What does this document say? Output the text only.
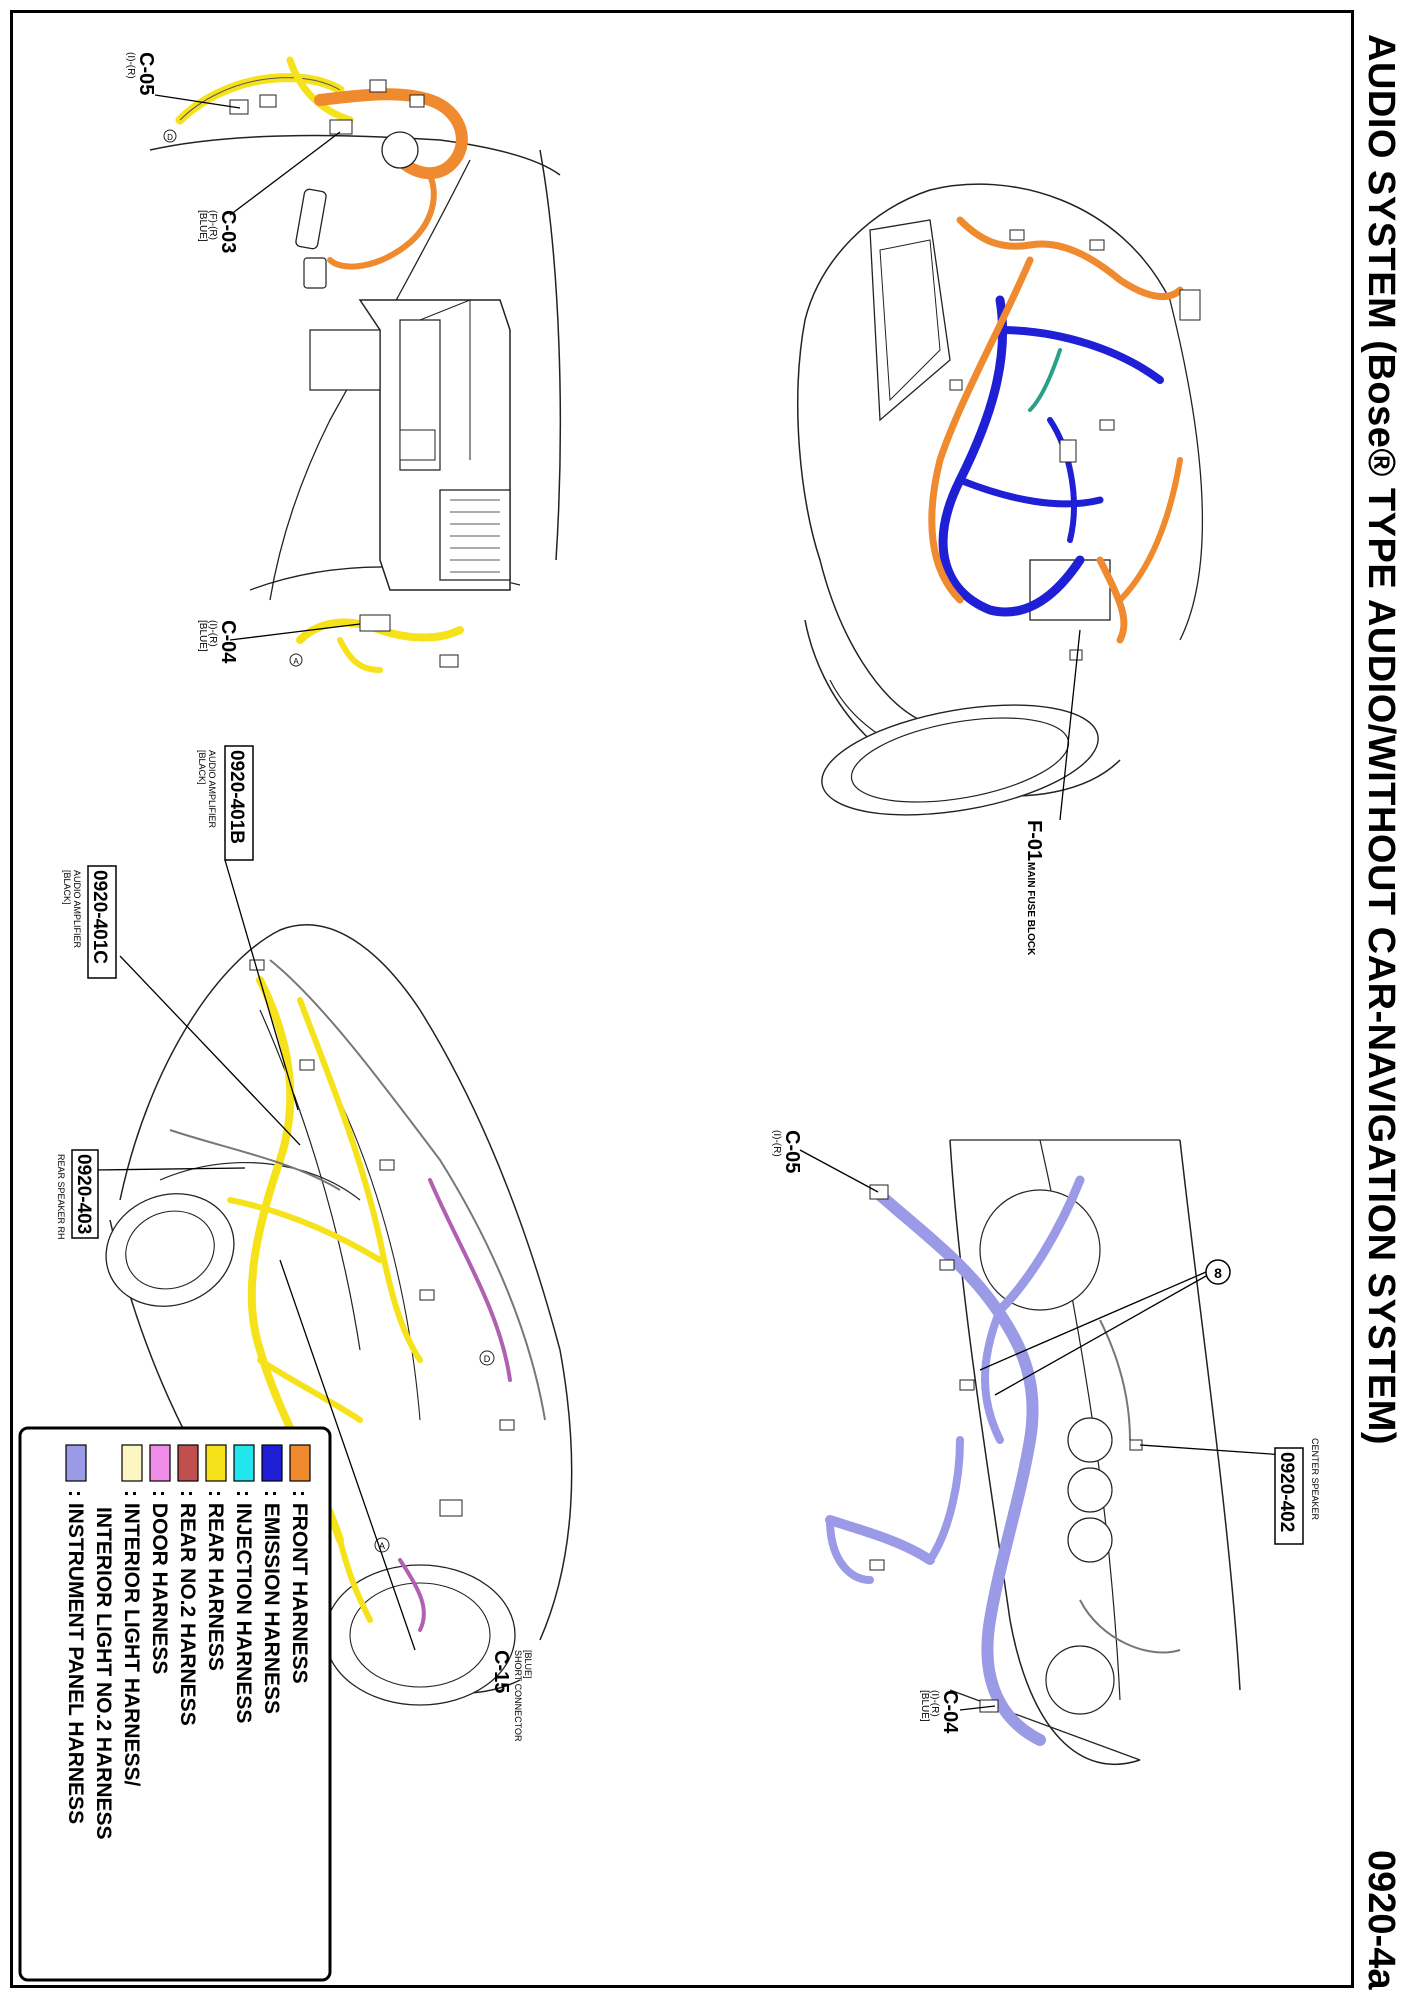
AUDIO SYSTEM (Bose® TYPE AUDIO/WITHOUT CAR-NAVIGATION SYSTEM)
0920-4a
D
A
C-05
(I)-(R)
C-03
(F)-(R)
[BLUE]
C-04
(I)-(R)
[BLUE]
F-01
MAIN FUSE BLOCK
D
A
0920-401B
AUDIO AMPLIFIER
[BLACK]
0920-401C
AUDIO AMPLIFIER
[BLACK]
0920-403
REAR SPEAKER RH
[BLUE]
SHORT CONNECTOR
C-15
8
C-05
(I)-(R)
CENTER SPEAKER
0920-402
C-04
(I)-(R)
[BLUE]
: FRONT HARNESS
: EMISSION HARNESS
: INJECTION HARNESS
: REAR HARNESS
: REAR NO.2 HARNESS
: DOOR HARNESS
: INTERIOR LIGHT HARNESS/
INTERIOR LIGHT NO.2 HARNESS
: INSTRUMENT PANEL HARNESS
